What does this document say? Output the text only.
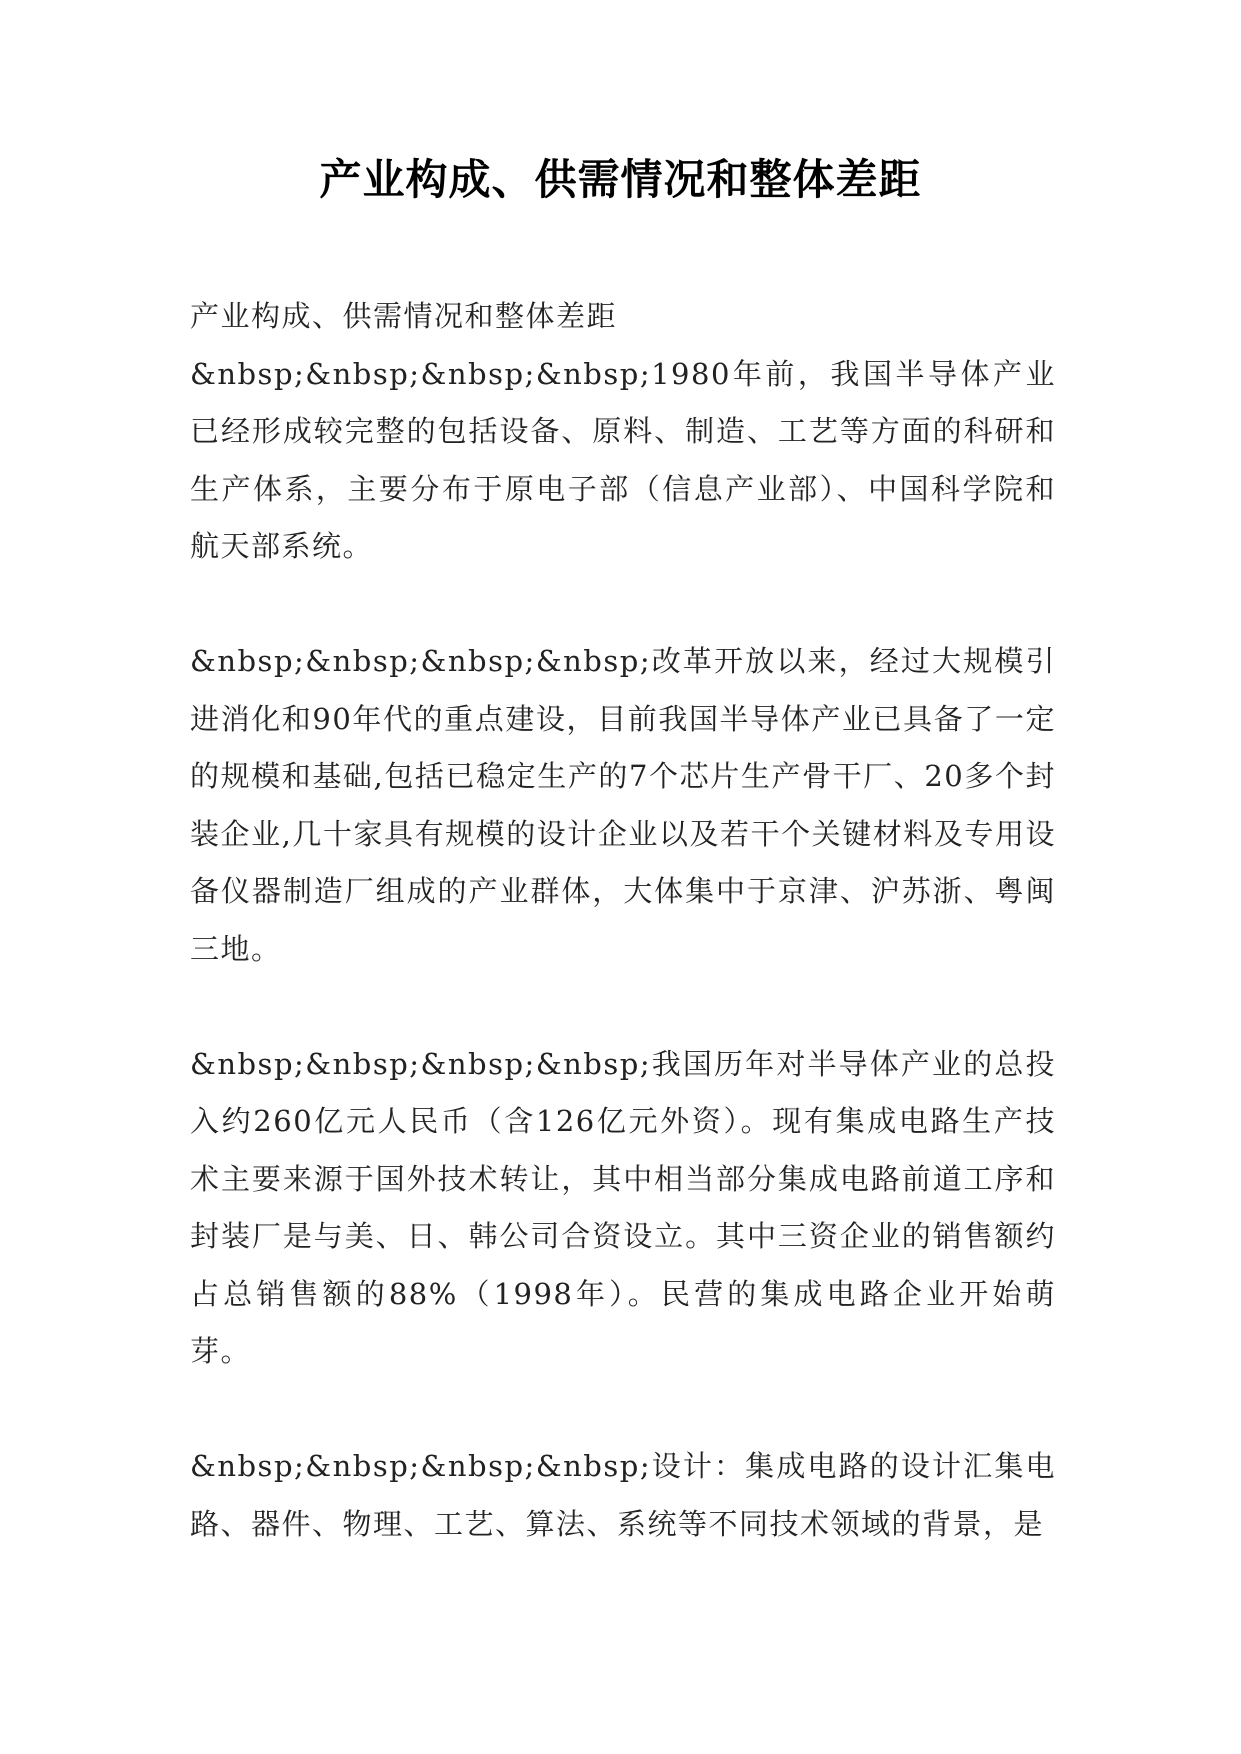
产业构成、供需情况和整体差距

产业构成、供需情况和整体差距

&nbsp;&nbsp;&nbsp;&nbsp;1980年前，我国半导体产业已经形成较完整的包括设备、原料、制造、工艺等方面的科研和生产体系，主要分布于原电子部（信息产业部）、中国科学院和航天部系统。

&nbsp;&nbsp;&nbsp;&nbsp;改革开放以来，经过大规模引进消化和90年代的重点建设，目前我国半导体产业已具备了一定的规模和基础,包括已稳定生产的7个芯片生产骨干厂、20多个封装企业,几十家具有规模的设计企业以及若干个关键材料及专用设备仪器制造厂组成的产业群体，大体集中于京津、沪苏浙、粤闽三地。

&nbsp;&nbsp;&nbsp;&nbsp;我国历年对半导体产业的总投入约260亿元人民币（含126亿元外资）。现有集成电路生产技术主要来源于国外技术转让，其中相当部分集成电路前道工序和封装厂是与美、日、韩公司合资设立。其中三资企业的销售额约占总销售额的88%（1998年）。民营的集成电路企业开始萌芽。

&nbsp;&nbsp;&nbsp;&nbsp;设计：集成电路的设计汇集电路、器件、物理、工艺、算法、系统等不同技术领域的背景，是
